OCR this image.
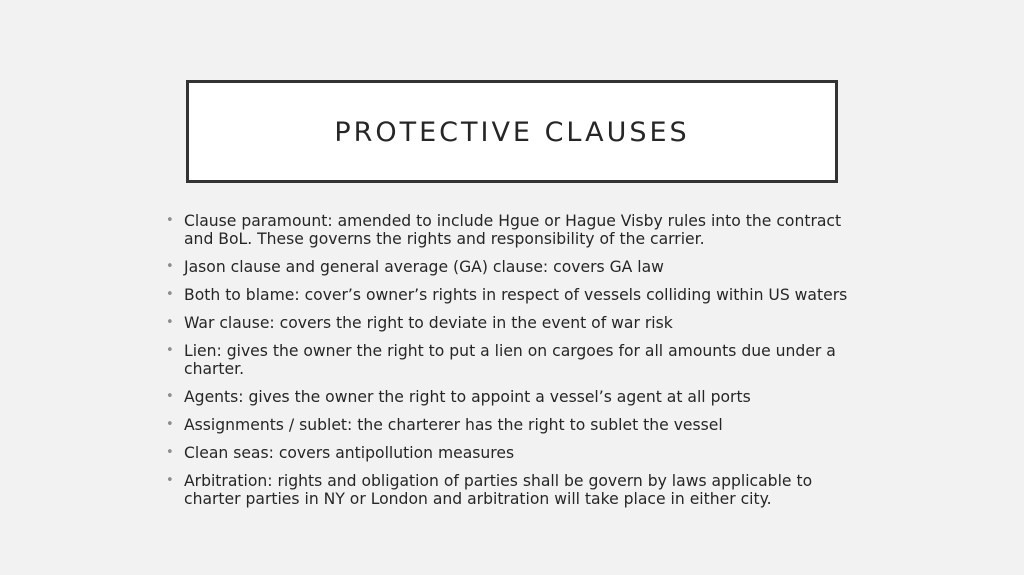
PROTECTIVE CLAUSES
• Clause paramount: amended to include Hgue or Hague Visby rules into the contract and BoL. These governs the rights and responsibility of the carrier.
• Jason clause and general average (GA) clause: covers GA law
• Both to blame: cover’s owner’s rights in respect of vessels colliding within US waters
• War clause: covers the right to deviate in the event of war risk
• Lien: gives the owner the right to put a lien on cargoes for all amounts due under a charter.
• Agents: gives the owner the right to appoint a vessel’s agent at all ports
• Assignments / sublet: the charterer has the right to sublet the vessel
• Clean seas: covers antipollution measures
• Arbitration: rights and obligation of parties shall be govern by laws applicable to charter parties in NY or London and arbitration will take place in either city.
